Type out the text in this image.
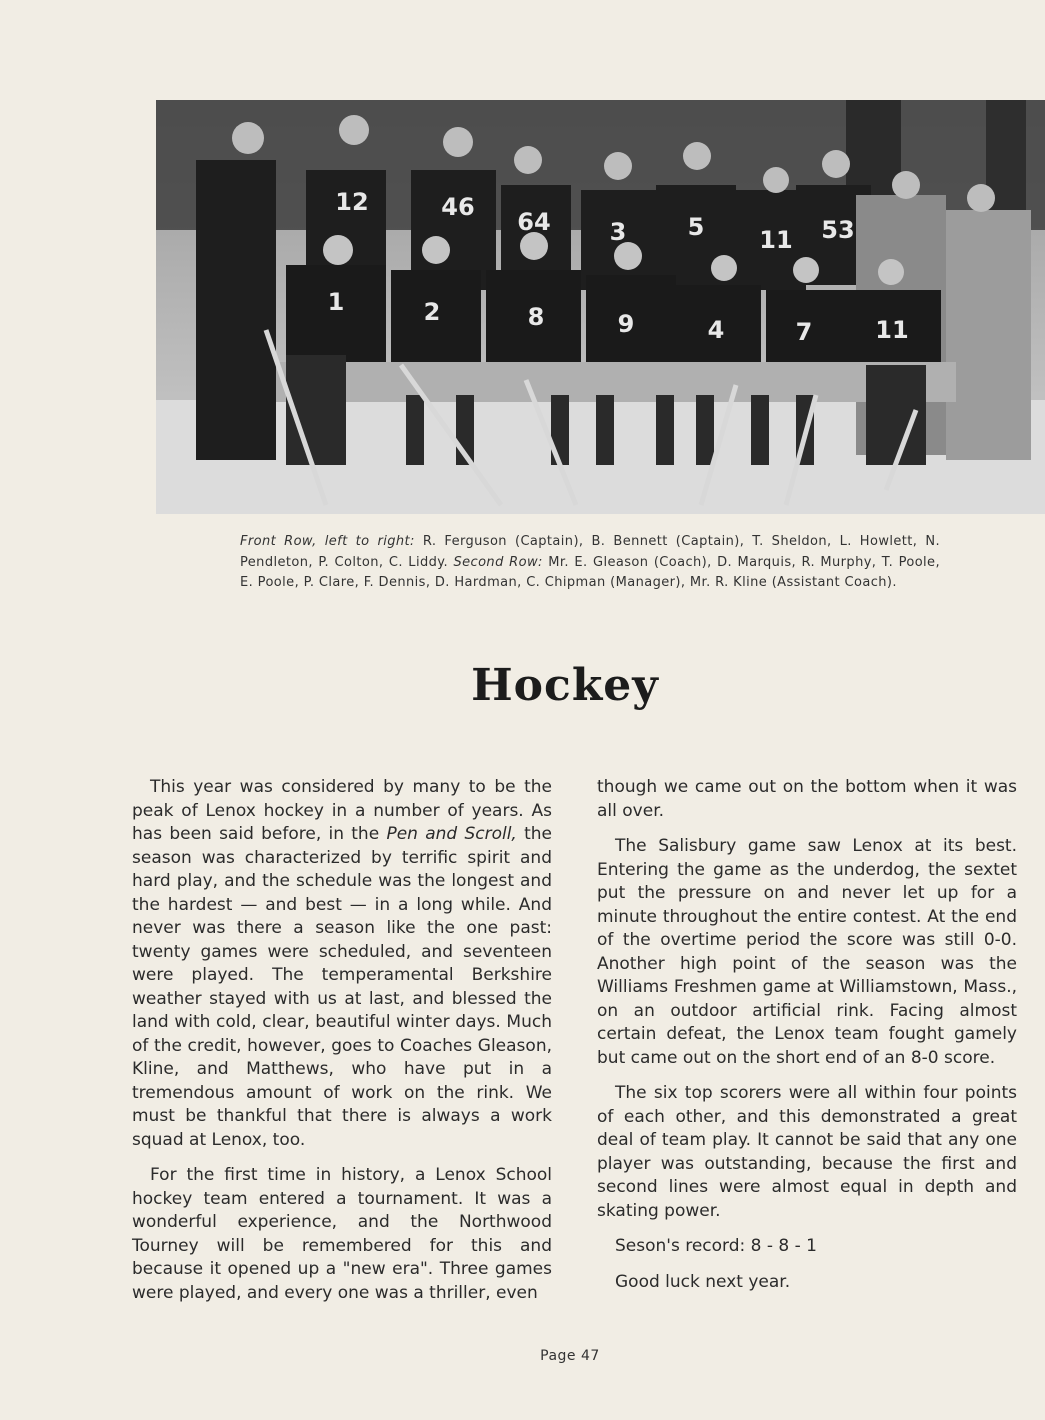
12	46
64 3	5 11 53
1	2	8	9	4	7	11
Front Row, left to right: R. Ferguson (Captain), B. Bennett (Captain), T. Sheldon, L. Howlett, N. Pendleton, P. Colton, C. Liddy. Second Row: Mr. E. Gleason (Coach), D. Marquis, R. Murphy, T. Poole, E. Poole, P. Clare, F. Dennis, D. Hardman, C. Chipman (Manager), Mr. R. Kline (Assistant Coach).
Hockey

This year was considered by many to be the peak of Lenox hockey in a number of years. As has been said before, in the Pen and Scroll, the season was characterized by terrific spirit and hard play, and the schedule was the longest and the hardest — and best — in a long while. And never was there a season like the one past: twenty games were scheduled, and seventeen were played. The temperamental Berkshire weather stayed with us at last, and blessed the land with cold, clear, beautiful winter days. Much of the credit, however, goes to Coaches Gleason, Kline, and Matthews, who have put in a tremendous amount of work on the rink. We must be thankful that there is always a work squad at Lenox, too.

For the first time in history, a Lenox School hockey team entered a tournament. It was a wonderful experience, and the Northwood Tourney will be remembered for this and because it opened up a "new era". Three games were played, and every one was a thriller, even

though we came out on the bottom when it was all over.

The Salisbury game saw Lenox at its best. Entering the game as the underdog, the sextet put the pressure on and never let up for a minute throughout the entire contest. At the end of the overtime period the score was still 0-0. Another high point of the season was the Williams Freshmen game at Williamstown, Mass., on an outdoor artificial rink. Facing almost certain defeat, the Lenox team fought gamely but came out on the short end of an 8-0 score.

The six top scorers were all within four points of each other, and this demonstrated a great deal of team play. It cannot be said that any one player was outstanding, because the first and second lines were almost equal in depth and skating power.

Seson's record: 8 - 8 - 1

Good luck next year.

Page 47
